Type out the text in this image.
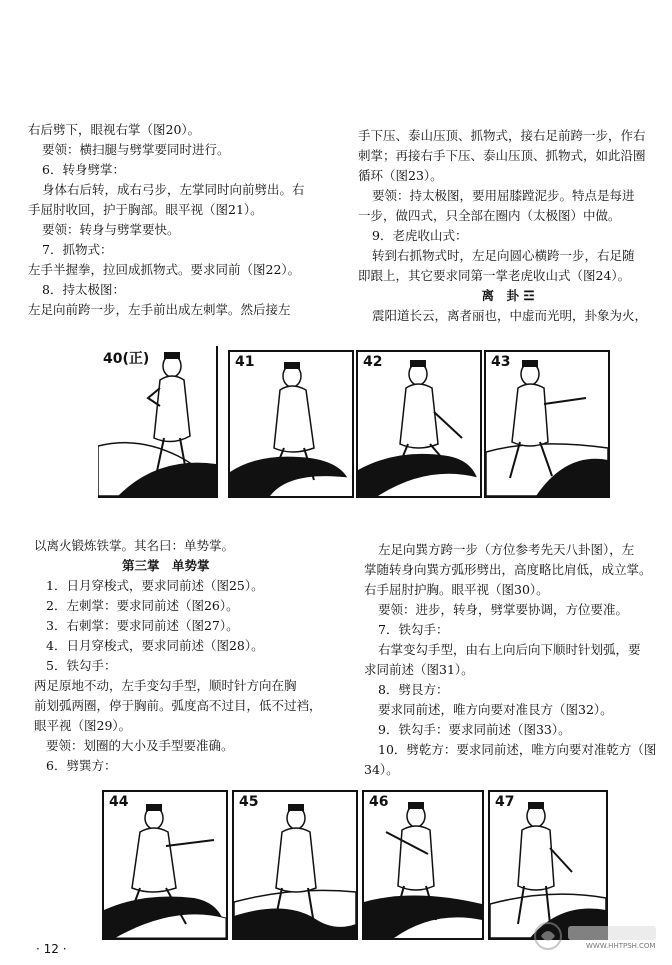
右后劈下，眼视右掌（图20）。

要领：横扫腿与劈掌要同时进行。

6．转身劈掌：

身体右后转，成右弓步，左掌同时向前劈出。右

手屈肘收回，护于胸部。眼平视（图21）。

要领：转身与劈掌要快。

7．抓物式：

左手半握拳，拉回成抓物式。要求同前（图22）。

8．持太极图：

左足向前跨一步，左手前出成左刺掌。然后接左

手下压、泰山压顶、抓物式，接右足前跨一步，作右

刺掌；再接右手下压、泰山压顶、抓物式，如此沿圈

循环（图23）。

要领：持太极图，要用屈膝蹚泥步。特点是每进

一步，做四式，只全部在圈内（太极图）中做。

9．老虎收山式：

转到右抓物式时，左足向圆心横跨一步，右足随

即跟上，其它要求同第一掌老虎收山式（图24）。

离　卦 ☲

震阳道长云，离者丽也，中虚而光明，卦象为火，

40(正)	41	42	43

以离火锻炼铁掌。其名曰：单势掌。

第三掌　单势掌

1．日月穿梭式，要求同前述（图25）。

2．左刺掌：要求同前述（图26）。

3．右刺掌：要求同前述（图27）。

4．日月穿梭式，要求同前述（图28）。

5．铁勾手：

两足原地不动，左手变勾手型，顺时针方向在胸

前划弧两圈，停于胸前。弧度高不过目，低不过裆，

眼平视（图29）。

要领：划圈的大小及手型要准确。

6．劈巽方：

左足向巽方跨一步（方位参考先天八卦图），左

掌随转身向巽方弧形劈出，高度略比肩低，成立掌。

右手屈肘护胸。眼平视（图30）。

要领：进步，转身，劈掌要协调，方位要准。

7．铁勾手：

右掌变勾手型，由右上向后向下顺时针划弧，要

求同前述（图31）。

8．劈艮方：

要求同前述，唯方向要对准艮方（图32）。

9．铁勾手：要求同前述（图33）。

10．劈乾方：要求同前述，唯方向要对准乾方（图

34）。

44	45	46	47
· 12 ·	WWW.HHTPSH.COM
